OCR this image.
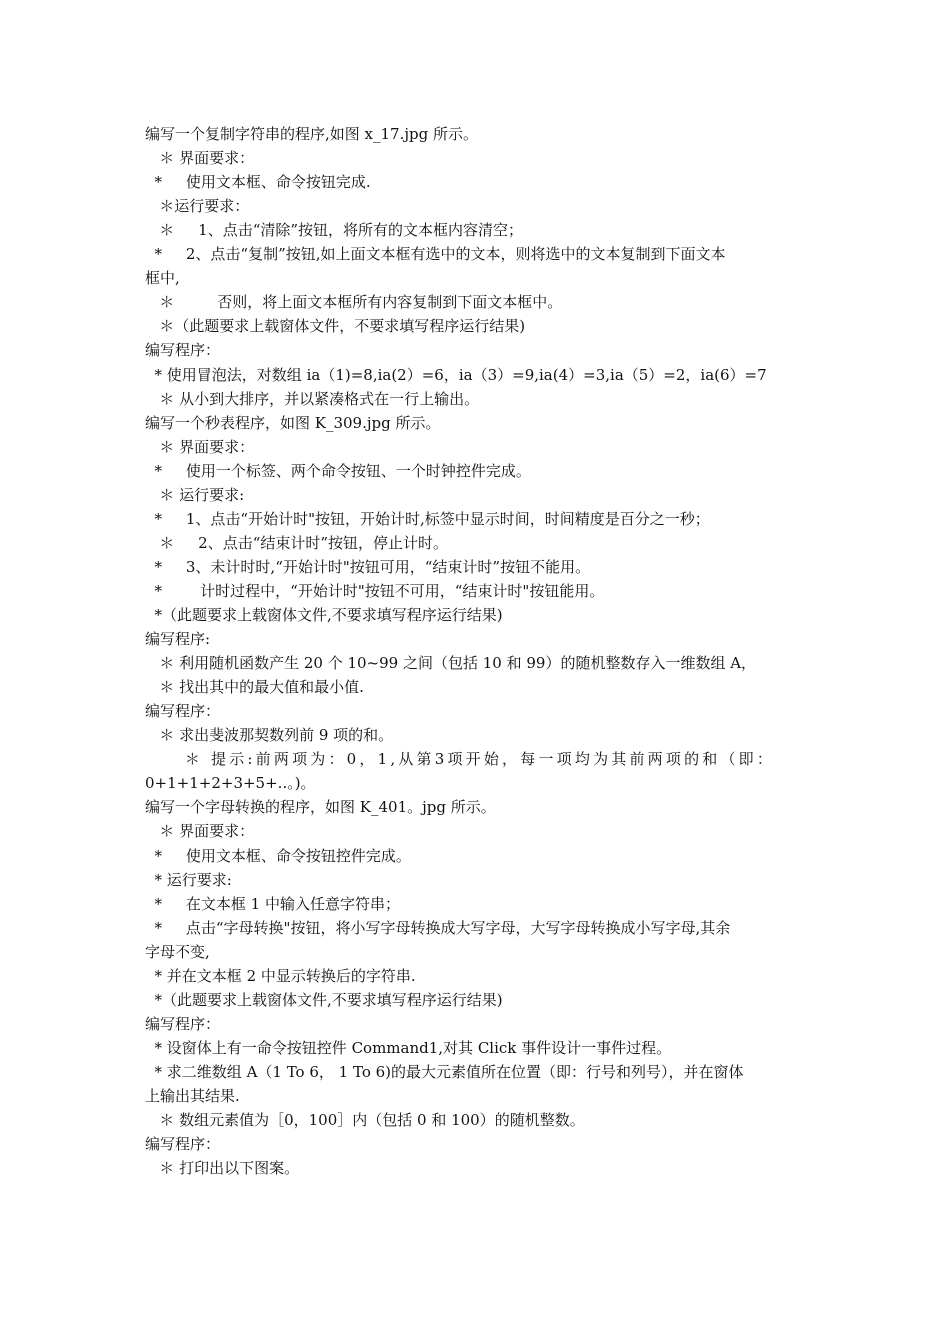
编写一个复制字符串的程序,如图 x_17.jpg 所示。
＊ 界面要求：
*     使用文本框、命令按钮完成.
＊运行要求：
＊     1、点击“清除”按钮，将所有的文本框内容清空；
*     2、点击“复制”按钮,如上面文本框有选中的文本，则将选中的文本复制到下面文本
框中,
＊         否则，将上面文本框所有内容复制到下面文本框中。
＊（此题要求上载窗体文件，不要求填写程序运行结果)
编写程序：
* 使用冒泡法，对数组 ia（1)=8,ia(2）=6，ia（3）=9,ia(4）=3,ia（5）=2，ia(6）=7
＊ 从小到大排序，并以紧凑格式在一行上输出。
编写一个秒表程序，如图 K_309.jpg 所示。
＊ 界面要求：
*     使用一个标签、两个命令按钮、一个时钟控件完成。
＊ 运行要求:
*     1、点击“开始计时"按钮，开始计时,标签中显示时间，时间精度是百分之一秒；
＊     2、点击“结束计时”按钮，停止计时。
*     3、未计时时,“开始计时"按钮可用，“结束计时”按钮不能用。
*        计时过程中，“开始计时"按钮不可用，“结束计时"按钮能用。
*（此题要求上载窗体文件,不要求填写程序运行结果)
编写程序:
＊ 利用随机函数产生 20 个 10~99 之间（包括 10 和 99）的随机整数存入一维数组 A，
＊ 找出其中的最大值和最小值.
编写程序：
＊ 求出斐波那契数列前 9 项的和。
＊ 提示:前两项为：0，1,从第3项开始，每一项均为其前两项的和（即：
0+1+1+2+3+5+..。)。
编写一个字母转换的程序，如图 K_401。jpg 所示。
＊ 界面要求：
*     使用文本框、命令按钮控件完成。
* 运行要求:
*     在文本框 1 中输入任意字符串；
*     点击“字母转换"按钮，将小写字母转换成大写字母，大写字母转换成小写字母,其余
字母不变,
* 并在文本框 2 中显示转换后的字符串.
*（此题要求上载窗体文件,不要求填写程序运行结果)
编写程序：
* 设窗体上有一命令按钮控件 Command1,对其 Click 事件设计一事件过程。
* 求二维数组 A（1 To 6， 1 To 6)的最大元素值所在位置（即：行号和列号），并在窗体
上输出其结果.
＊ 数组元素值为［0，100］内（包括 0 和 100）的随机整数。
编写程序：
＊ 打印出以下图案。
